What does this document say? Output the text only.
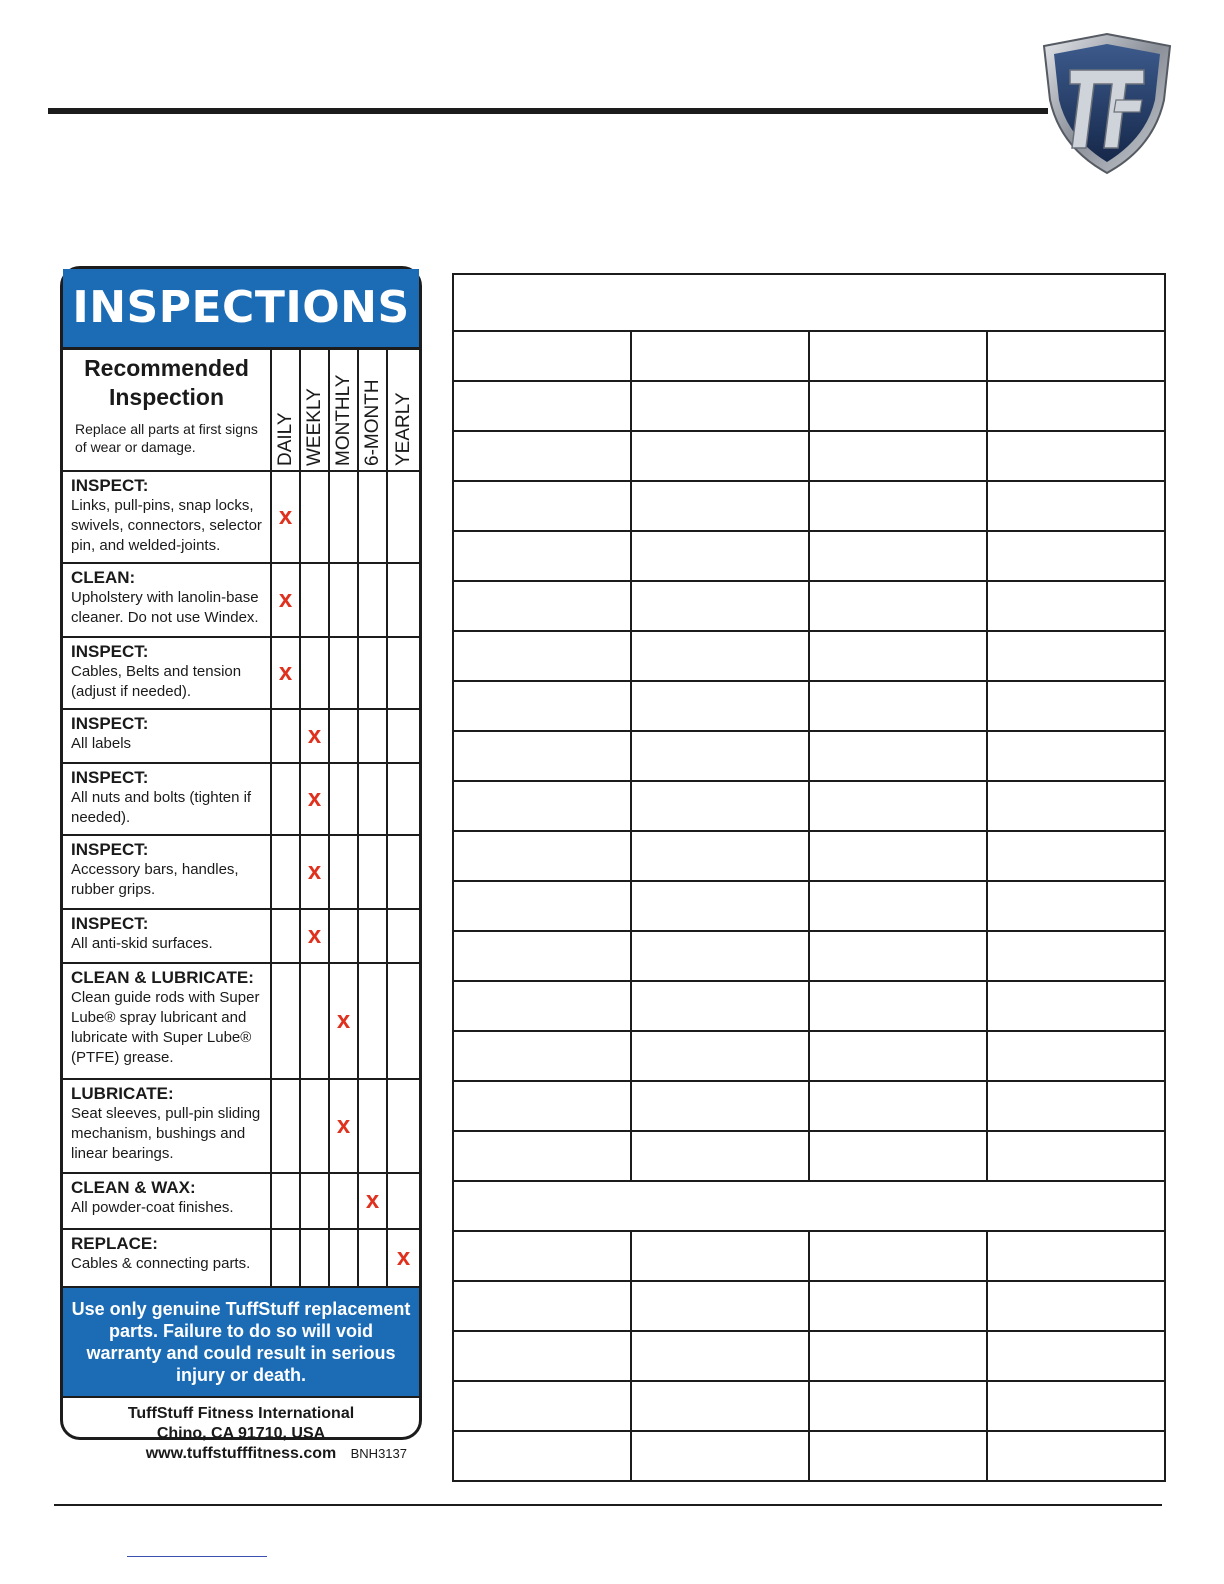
INSPECTIONS
Recommended
Inspection
Replace all parts at first signs
of wear or damage.	DAILY	WEEKLY	MONTHLY	6-MONTH	YEARLY

INSPECT:
Links, pull-pins, snap locks,
swivels, connectors, selector
pin, and welded-joints.	x				

CLEAN:
Upholstery with lanolin-base
cleaner. Do not use Windex.	x				

INSPECT:
Cables, Belts and tension
(adjust if needed).	x				

INSPECT:
All labels		x			

INSPECT:
All nuts and bolts (tighten if
needed).		x			

INSPECT:
Accessory bars, handles,
rubber grips.		x			

INSPECT:
All anti-skid surfaces.		x			

CLEAN & LUBRICATE:
Clean guide rods with Super
Lube® spray lubricant and
lubricate with Super Lube®
(PTFE) grease.			x		

LUBRICATE:
Seat sleeves, pull-pin sliding
mechanism, bushings and
linear bearings.			x		

CLEAN & WAX:
All powder-coat finishes.				x	

REPLACE:
Cables & connecting parts.					x
Use only genuine TuffStuff replacement parts. Failure to do so will void warranty and could result in serious injury or death.
TuffStuff Fitness International
Chino, CA 91710, USA
www.tuffstufffitness.com	BNH3137
